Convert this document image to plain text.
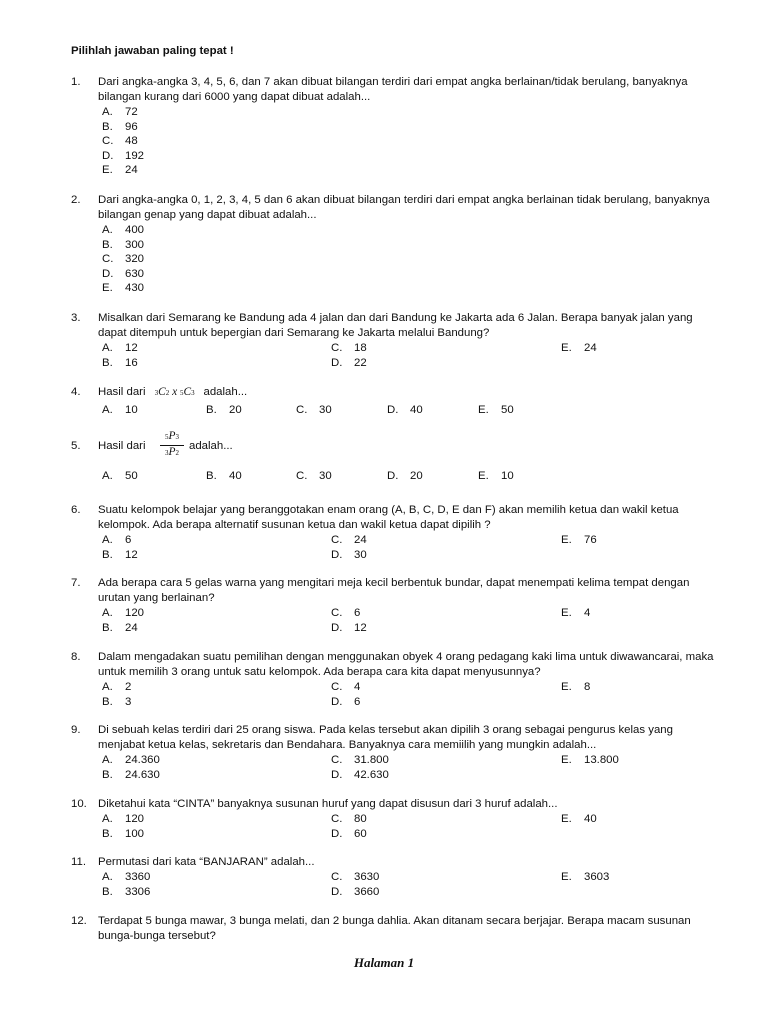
Pilihlah jawaban paling tepat !
1. Dari angka-angka 3, 4, 5, 6, dan 7 akan dibuat bilangan terdiri dari empat angka berlainan/tidak berulang, banyaknya bilangan kurang dari 6000 yang dapat dibuat adalah...
A. 72
B. 96
C. 48
D. 192
E. 24
2. Dari angka-angka 0, 1, 2, 3, 4, 5 dan 6 akan dibuat bilangan terdiri dari empat angka berlainan tidak berulang, banyaknya bilangan genap yang dapat dibuat adalah...
A. 400
B. 300
C. 320
D. 630
E. 430
3. Misalkan dari Semarang ke Bandung ada 4 jalan dan dari Bandung ke Jakarta ada 6 Jalan. Berapa banyak jalan yang dapat ditempuh untuk bepergian dari Semarang ke Jakarta melalui Bandung?
A. 12
B. 16
C. 18
D. 22
E. 24
4. Hasil dari 3C2 x 5C3 adalah...
A. 10	B. 20	C. 30	D. 40	E. 50
5. Hasil dari
5P3
3P2
adalah...
A. 50	B. 40	C. 30	D. 20	E. 10
6. Suatu kelompok belajar yang beranggotakan enam orang (A, B, C, D, E dan F) akan memilih ketua dan wakil ketua kelompok. Ada berapa alternatif susunan ketua dan wakil ketua dapat dipilih ?
A. 6
B. 12
C. 24
D. 30
E. 76
7. Ada berapa cara 5 gelas warna yang mengitari meja kecil berbentuk bundar, dapat menempati kelima tempat dengan urutan yang berlainan?
A. 120
B. 24
C. 6
D. 12
E. 4
8. Dalam mengadakan suatu pemilihan dengan menggunakan obyek 4 orang pedagang kaki lima untuk diwawancarai, maka untuk memilih 3 orang untuk satu kelompok. Ada berapa cara kita dapat menyusunnya?
A. 2
B. 3
C. 4
D. 6
E. 8
9. Di sebuah kelas terdiri dari 25 orang siswa. Pada kelas tersebut akan dipilih 3 orang sebagai pengurus kelas yang menjabat ketua kelas, sekretaris dan Bendahara. Banyaknya cara memiilih yang mungkin adalah...
A. 24.360
B. 24.630
C. 31.800
D. 42.630
E. 13.800
10. Diketahui kata “CINTA” banyaknya susunan huruf yang dapat disusun dari 3 huruf adalah...
A. 120
B. 100
C. 80
D. 60
E. 40
11. Permutasi dari kata “BANJARAN” adalah...
A. 3360
B. 3306
C. 3630
D. 3660
E. 3603
12. Terdapat 5 bunga mawar, 3 bunga melati, dan 2 bunga dahlia. Akan ditanam secara berjajar. Berapa macam susunan bunga-bunga tersebut?
Halaman 1
